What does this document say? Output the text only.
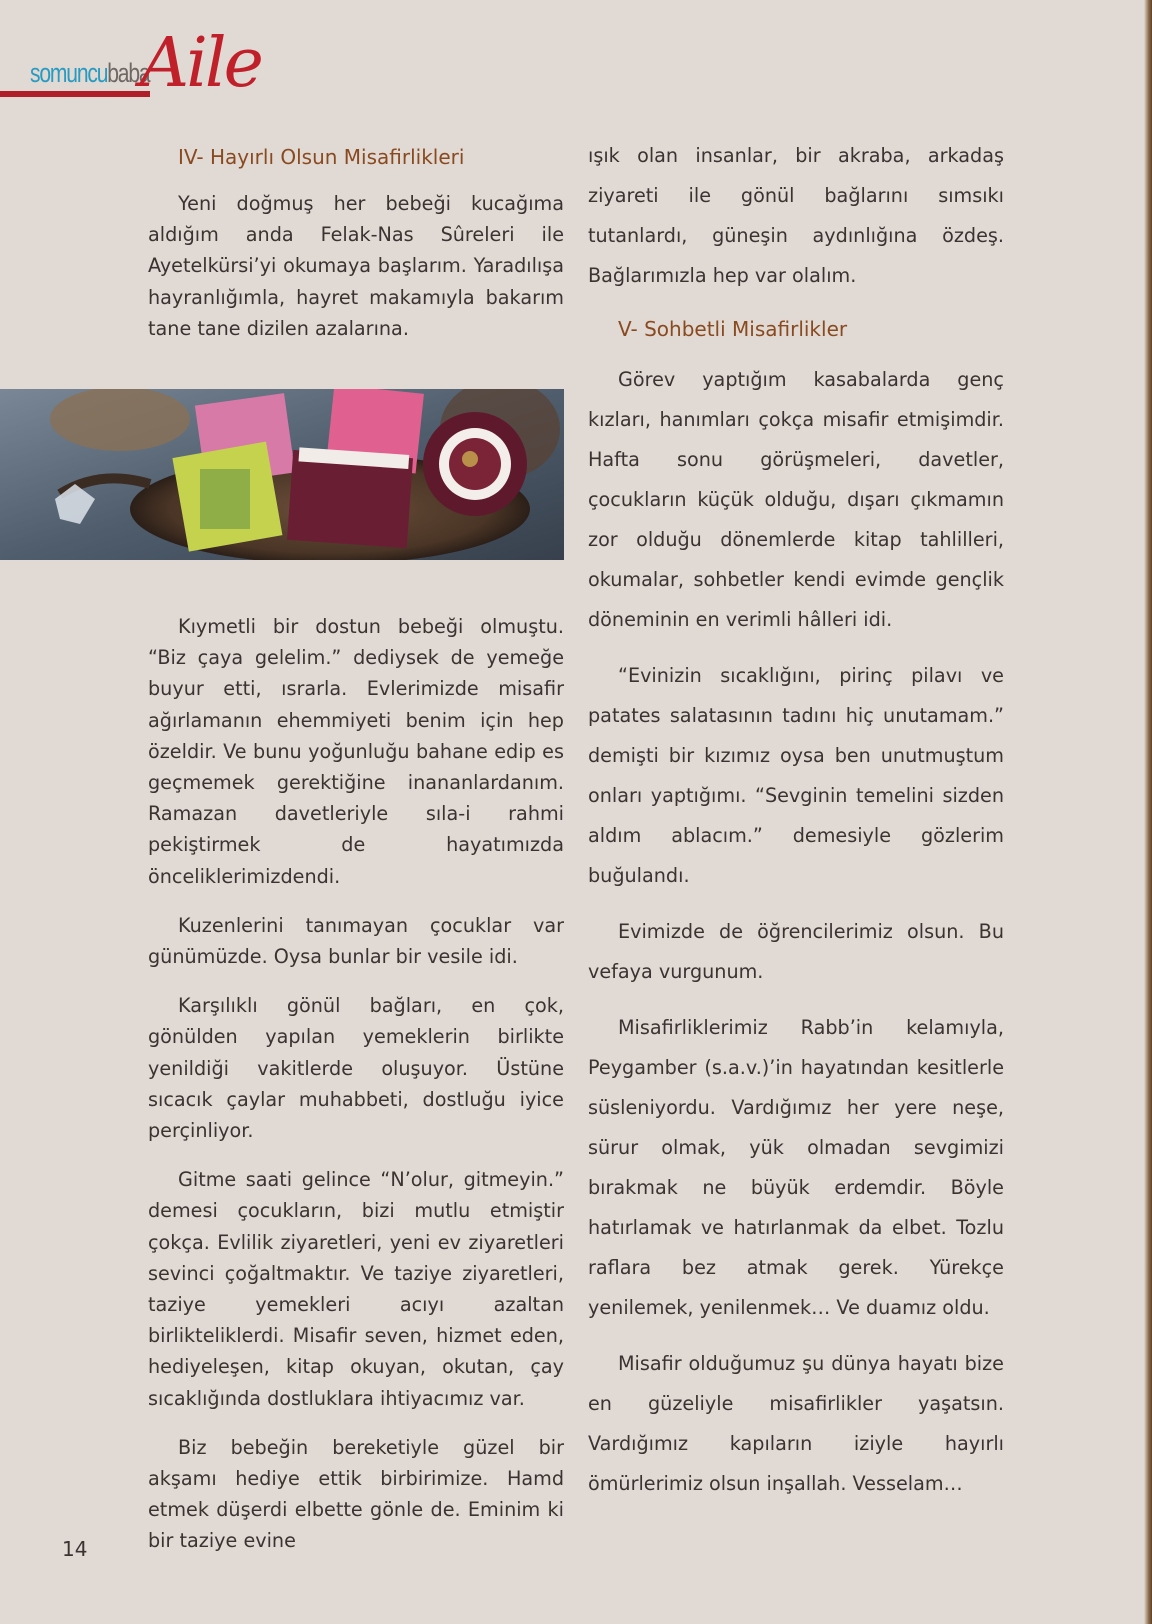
somuncubaba
Aile
IV- Hayırlı Olsun Misafirlikleri

Yeni doğmuş her bebeği kucağıma aldığım anda Felak-Nas Sûreleri ile Ayetelkürsi’yi okumaya başlarım. Yaradılışa hayranlığımla, hayret makamıyla bakarım tane tane dizilen azalarına.

Kıymetli bir dostun bebeği olmuştu. “Biz çaya gelelim.” dediysek de yemeğe buyur etti, ısrarla. Evlerimizde misafir ağırlamanın ehemmiyeti benim için hep özeldir. Ve bunu yoğunluğu bahane edip es geçmemek gerektiğine inananlardanım. Ramazan davetleriyle sıla-i rahmi pekiştirmek de hayatımızda önceliklerimizdendi.

Kuzenlerini tanımayan çocuklar var günümüzde. Oysa bunlar bir vesile idi.

Karşılıklı gönül bağları, en çok, gönülden yapılan yemeklerin birlikte yenildiği vakitlerde oluşuyor. Üstüne sıcacık çaylar muhabbeti, dostluğu iyice perçinliyor.

Gitme saati gelince “N’olur, gitmeyin.” demesi çocukların, bizi mutlu etmiştir çokça. Evlilik ziyaretleri, yeni ev ziyaretleri sevinci çoğaltmaktır. Ve taziye ziyaretleri, taziye yemekleri acıyı azaltan birlikteliklerdi. Misafir seven, hizmet eden, hediyeleşen, kitap okuyan, okutan, çay sıcaklığında dostluklara ihtiyacımız var.

Biz bebeğin bereketiyle güzel bir akşamı hediye ettik birbirimize. Hamd etmek düşerdi elbette gönle de. Eminim ki bir taziye evine

ışık olan insanlar, bir akraba, arkadaş ziyareti ile gönül bağlarını sımsıkı tutanlardı, güneşin aydınlığına özdeş. Bağlarımızla hep var olalım.

V- Sohbetli Misafirlikler

Görev yaptığım kasabalarda genç kızları, hanımları çokça misafir etmişimdir. Hafta sonu görüşmeleri, davetler, çocukların küçük olduğu, dışarı çıkmamın zor olduğu dönemlerde kitap tahlilleri, okumalar, sohbetler kendi evimde gençlik döneminin en verimli hâlleri idi.

“Evinizin sıcaklığını, pirinç pilavı ve patates salatasının tadını hiç unutamam.” demişti bir kızımız oysa ben unutmuştum onları yaptığımı. “Sevginin temelini sizden aldım ablacım.” demesiyle gözlerim buğulandı.

Evimizde de öğrencilerimiz olsun. Bu vefaya vurgunum.

Misafirliklerimiz Rabb’in kelamıyla, Peygamber (s.a.v.)’in hayatından kesitlerle süsleniyordu. Vardığımız her yere neşe, sürur olmak, yük olmadan sevgimizi bırakmak ne büyük erdemdir. Böyle hatırlamak ve hatırlanmak da elbet. Tozlu raflara bez atmak gerek. Yürekçe yenilemek, yenilenmek… Ve duamız oldu.

Misafir olduğumuz şu dünya hayatı bize en güzeliyle misafirlikler yaşatsın. Vardığımız kapıların iziyle hayırlı ömürlerimiz olsun inşallah. Vesselam…

14
